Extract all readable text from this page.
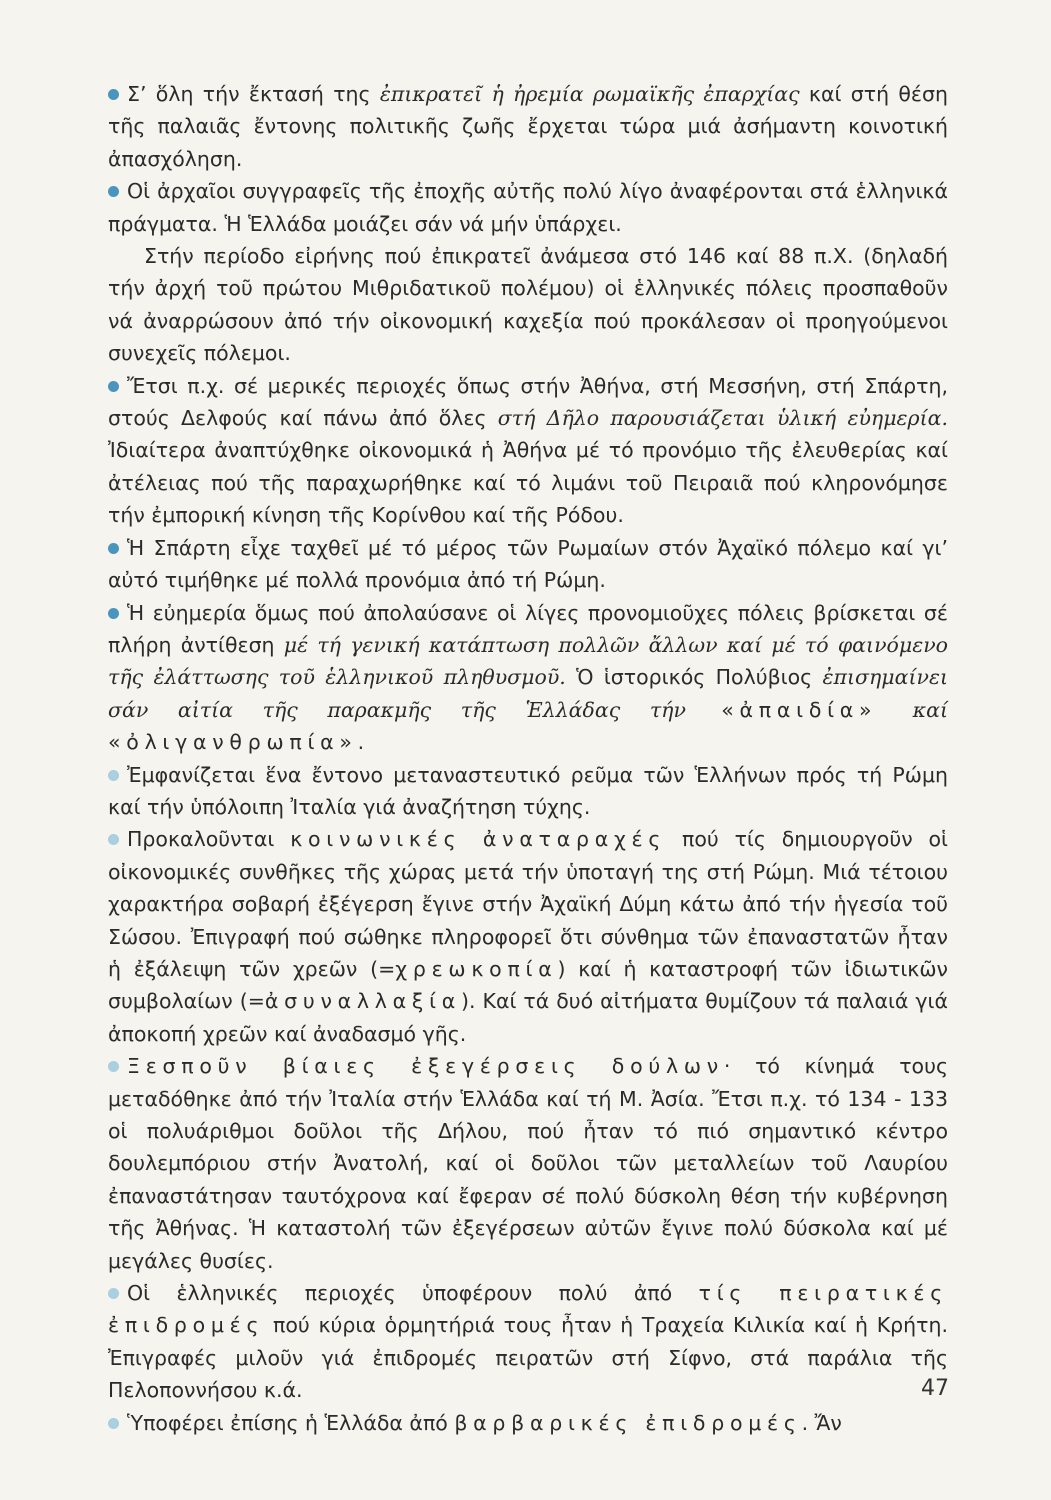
Σ’ ὅλη τήν ἔκτασή της ἐπικρατεῖ ἡ ἠρεμία ρωμαϊκῆς ἐπαρχίας καί στή θέση τῆς παλαιᾶς ἔντονης πολιτικῆς ζωῆς ἔρχεται τώρα μιά ἀσήμαντη κοινοτική ἀπασχόληση.

Οἱ ἀρχαῖοι συγγραφεῖς τῆς ἐποχῆς αὐτῆς πολύ λίγο ἀναφέρονται στά ἑλληνικά πράγματα. Ἡ Ἑλλάδα μοιάζει σάν νά μήν ὑπάρχει.

Στήν περίοδο εἰρήνης πού ἐπικρατεῖ ἀνάμεσα στό 146 καί 88 π.Χ. (δηλαδή τήν ἀρχή τοῦ πρώτου Μιθριδατικοῦ πολέμου) οἱ ἑλληνικές πόλεις προσπαθοῦν νά ἀναρρώσουν ἀπό τήν οἰκονομική καχεξία πού προκάλεσαν οἱ προηγούμενοι συνεχεῖς πόλεμοι.

Ἔτσι π.χ. σέ μερικές περιοχές ὅπως στήν Ἀθήνα, στή Μεσσήνη, στή Σπάρτη, στούς Δελφούς καί πάνω ἀπό ὅλες στή Δῆλο παρουσιάζεται ὑλική εὐημερία. Ἰδιαίτερα ἀναπτύχθηκε οἰκονομικά ἡ Ἀθήνα μέ τό προνόμιο τῆς ἐλευθερίας καί ἀτέλειας πού τῆς παραχωρήθηκε καί τό λιμάνι τοῦ Πειραιᾶ πού κληρονόμησε τήν ἐμπορική κίνηση τῆς Κορίνθου καί τῆς Ρόδου.

Ἡ Σπάρτη εἶχε ταχθεῖ μέ τό μέρος τῶν Ρωμαίων στόν Ἀχαϊκό πόλεμο καί γι’ αὐτό τιμήθηκε μέ πολλά προνόμια ἀπό τή Ρώμη.

Ἡ εὐημερία ὅμως πού ἀπολαύσανε οἱ λίγες προνομιοῦχες πόλεις βρίσκεται σέ πλήρη ἀντίθεση μέ τή γενική κατάπτωση πολλῶν ἄλλων καί μέ τό φαινόμενο τῆς ἐλάττωσης τοῦ ἑλληνικοῦ πληθυσμοῦ. Ὁ ἱστορικός Πολύβιος ἐπισημαίνει σάν αἰτία τῆς παρακμῆς τῆς Ἑλλάδας τήν «ἀπαιδία» καί «ὀλιγανθρωπία».

Ἐμφανίζεται ἕνα ἔντονο μεταναστευτικό ρεῦμα τῶν Ἑλλήνων πρός τή Ρώμη καί τήν ὑπόλοιπη Ἰταλία γιά ἀναζήτηση τύχης.

Προκαλοῦνται κοινωνικές ἀναταραχές πού τίς δημιουργοῦν οἱ οἰκονομικές συνθῆκες τῆς χώρας μετά τήν ὑποταγή της στή Ρώμη. Μιά τέτοιου χαρακτήρα σοβαρή ἐξέγερση ἔγινε στήν Ἀχαϊκή Δύμη κάτω ἀπό τήν ἡγεσία τοῦ Σώσου. Ἐπιγραφή πού σώθηκε πληροφορεῖ ὅτι σύνθημα τῶν ἐπαναστατῶν ἦταν ἡ ἐξάλειψη τῶν χρεῶν (=χρεωκοπία) καί ἡ καταστροφή τῶν ἰδιωτικῶν συμβολαίων (=ἀσυναλλαξία). Καί τά δυό αἰτήματα θυμίζουν τά παλαιά γιά ἀποκοπή χρεῶν καί ἀναδασμό γῆς.

Ξεσποῦν βίαιες ἐξεγέρσεις δούλων· τό κίνημά τους μεταδόθηκε ἀπό τήν Ἰταλία στήν Ἑλλάδα καί τή Μ. Ἀσία. Ἔτσι π.χ. τό 134 - 133 οἱ πολυάριθμοι δοῦλοι τῆς Δήλου, πού ἦταν τό πιό σημαντικό κέντρο δουλεμπόριου στήν Ἀνατολή, καί οἱ δοῦλοι τῶν μεταλλείων τοῦ Λαυρίου ἐπαναστάτησαν ταυτόχρονα καί ἔφεραν σέ πολύ δύσκολη θέση τήν κυβέρνηση τῆς Ἀθήνας. Ἡ καταστολή τῶν ἐξεγέρσεων αὐτῶν ἔγινε πολύ δύσκολα καί μέ μεγάλες θυσίες.

Οἱ ἑλληνικές περιοχές ὑποφέρουν πολύ ἀπό τίς πειρατικές ἐπιδρομές πού κύρια ὁρμητήριά τους ἦταν ἡ Τραχεία Κιλικία καί ἡ Κρήτη. Ἐπιγραφές μιλοῦν γιά ἐπιδρομές πειρατῶν στή Σίφνο, στά παράλια τῆς Πελοποννήσου κ.ά.

Ὑποφέρει ἐπίσης ἡ Ἑλλάδα ἀπό βαρβαρικές ἐπιδρομές. Ἄν

47
